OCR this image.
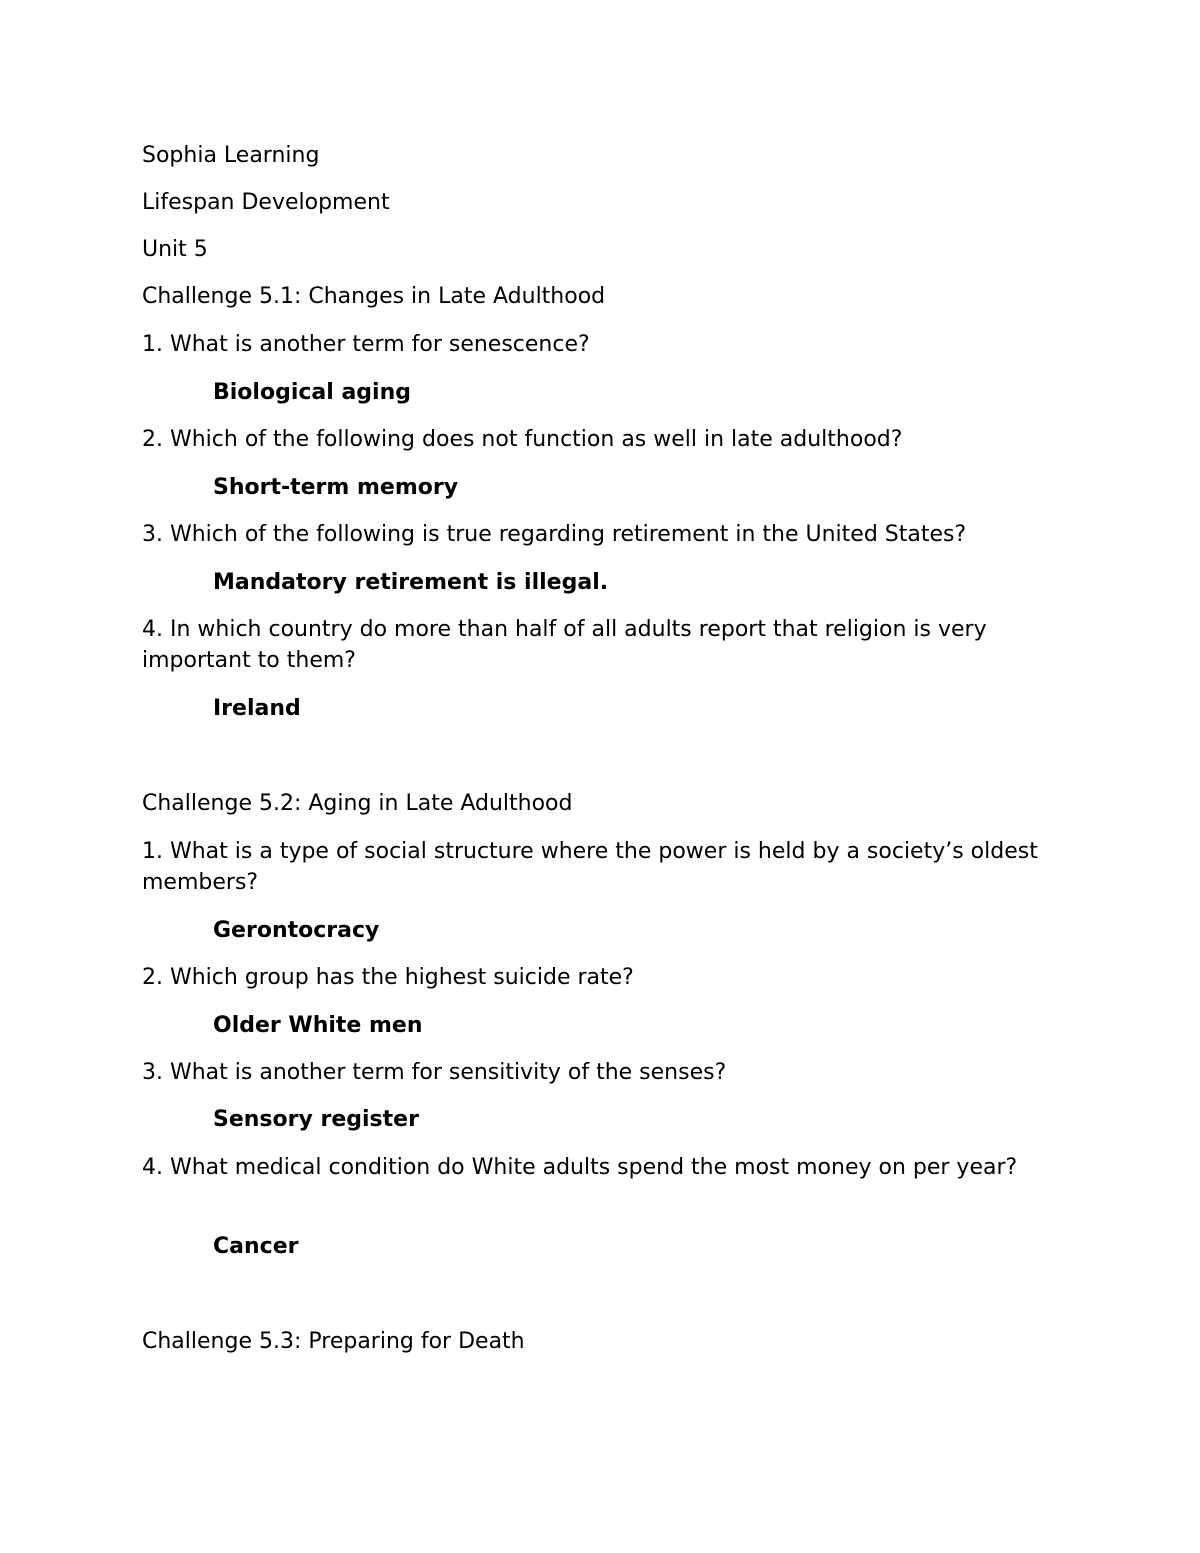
Sophia Learning
Lifespan Development
Unit 5
Challenge 5.1: Changes in Late Adulthood
1. What is another term for senescence?
Biological aging
2. Which of the following does not function as well in late adulthood?
Short-term memory
3. Which of the following is true regarding retirement in the United States?
Mandatory retirement is illegal.
4. In which country do more than half of all adults report that religion is very important to them?
Ireland
Challenge 5.2: Aging in Late Adulthood
1. What is a type of social structure where the power is held by a society’s oldest members?
Gerontocracy
2. Which group has the highest suicide rate?
Older White men
3. What is another term for sensitivity of the senses?
Sensory register
4. What medical condition do White adults spend the most money on per year?
Cancer
Challenge 5.3: Preparing for Death
